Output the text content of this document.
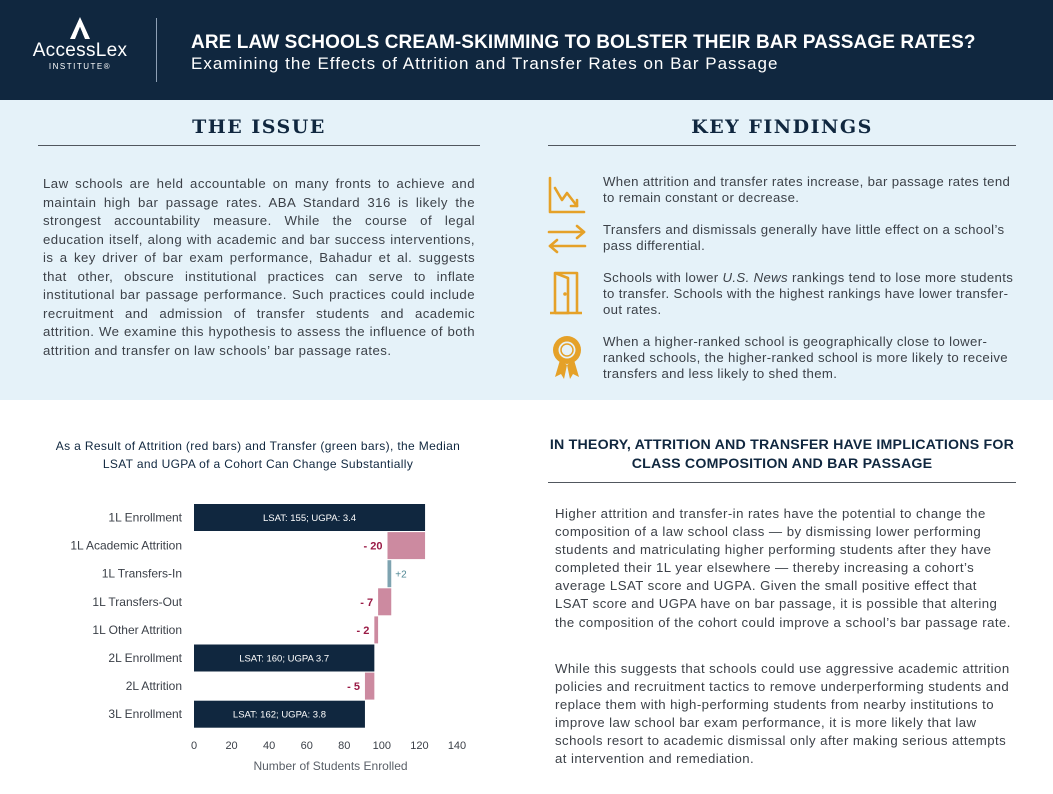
AccessLex
INSTITUTE®
ARE LAW SCHOOLS CREAM-SKIMMING TO BOLSTER THEIR BAR PASSAGE RATES?
Examining the Effects of Attrition and Transfer Rates on Bar Passage
THE ISSUE
Law schools are held accountable on many fronts to achieve and maintain high bar passage rates. ABA Standard 316 is likely the strongest accountability measure. While the course of legal education itself, along with academic and bar success interventions, is a key driver of bar exam performance, Bahadur et al. suggests that other, obscure institutional practices can serve to inflate institutional bar passage performance. Such practices could include recruitment and admission of transfer students and academic attrition. We examine this hypothesis to assess the influence of both attrition and transfer on law schools’ bar passage rates.
KEY FINDINGS
When attrition and transfer rates increase, bar passage rates tend to remain constant or decrease.
Transfers and dismissals generally have little effect on a school’s pass differential.
Schools with lower U.S. News rankings tend to lose more students to transfer. Schools with the highest rankings have lower transfer-out rates.
When a higher-ranked school is geographically close to lower-ranked schools, the higher-ranked school is more likely to receive transfers and less likely to shed them.
As a Result of Attrition (red bars) and Transfer (green bars), the Median LSAT and UGPA of a Cohort Can Change Substantially
1L Enrollment	LSAT: 155; UGPA: 3.4
1L Academic Attrition	- 20
1L Transfers-In	+2
1L Transfers-Out	- 7
1L Other Attrition	- 2
2L Enrollment	LSAT: 160; UGPA 3.7
2L Attrition	- 5
3L Enrollment	LSAT: 162; UGPA: 3.8
0	20 40 60 80 100 120 140
Number of Students Enrolled
IN THEORY, ATTRITION AND TRANSFER HAVE IMPLICATIONS FOR CLASS COMPOSITION AND BAR PASSAGE
Higher attrition and transfer-in rates have the potential to change the composition of a law school class — by dismissing lower performing students and matriculating higher performing students after they have completed their 1L year elsewhere — thereby increasing a cohort’s average LSAT score and UGPA. Given the small positive effect that LSAT score and UGPA have on bar passage, it is possible that altering the composition of the cohort could improve a school’s bar passage rate.
While this suggests that schools could use aggressive academic attrition policies and recruitment tactics to remove underperforming students and replace them with high-performing students from nearby institutions to improve law school bar exam performance, it is more likely that law schools resort to academic dismissal only after making serious attempts at intervention and remediation.
